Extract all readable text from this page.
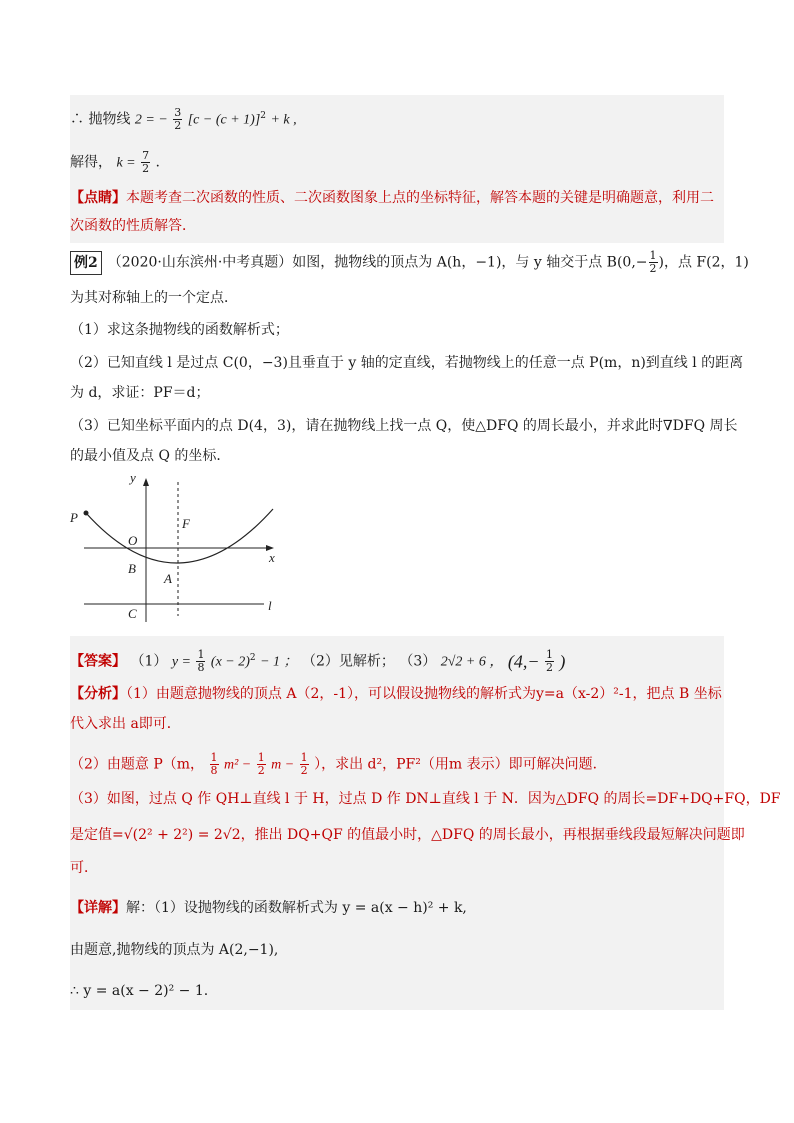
∴ 抛物线 2 = − $\frac{3}{2} [c - (c + 1)]^2 + k$ ,
解得， $k = \frac{7}{2}$ .
【点睛】本题考查二次函数的性质、二次函数图象上点的坐标特征，解答本题的关键是明确题意，利用二
次函数的性质解答．
例2 （2020·山东滨州·中考真题）如图，抛物线的顶点为 A(h，−1)，与 y 轴交于点 $B(0,- \frac{1}{2}$ )，点 F(2，1)
为其对称轴上的一个定点．
（1）求这条抛物线的函数解析式；
（2）已知直线 l 是过点 C(0，−3)且垂直于 y 轴的定直线，若抛物线上的任意一点 P(m，n)到直线 l 的距离
为 d，求证：PF＝d；
（3）已知坐标平面内的点 D(4，3)，请在抛物线上找一点 Q，使△DFQ 的周长最小，并求此时∇DFQ 周长
的最小值及点 Q 的坐标．
y
x
P	F
O
B
A
C
l
【答案】 （1） $y = \frac{1}{8} (x - 2)^2 - 1$ ； （2）见解析； （3） 2√2 + 6 ， ($4,- \frac{1}{2}$ )
【分析】（1）由题意抛物线的顶点 A（2，-1），可以假设抛物线的解析式为y=a（x-2）²-1，把点 B 坐标
代入求出 a即可．
（2）由题意 P（m， $\frac{1}{8} m^2 - \frac{1}{2}$ $m - \frac{1}{2}$ ），求出 d²，PF²（用m 表示）即可解决问题．
（3）如图，过点 Q 作 QH⊥直线 l 于 H，过点 D 作 DN⊥直线 l 于 N．因为△DFQ 的周长=DF+DQ+FQ，DF
是定值=√(2² + 2²) = 2√2，推出 DQ+QF 的值最小时，△DFQ 的周长最小，再根据垂线段最短解决问题即
可．
【详解】解：（1）设抛物线的函数解析式为 y = a(x − h)² + k,
由题意,抛物线的顶点为 A(2,−1),
∴ y = a(x − 2)² − 1.
